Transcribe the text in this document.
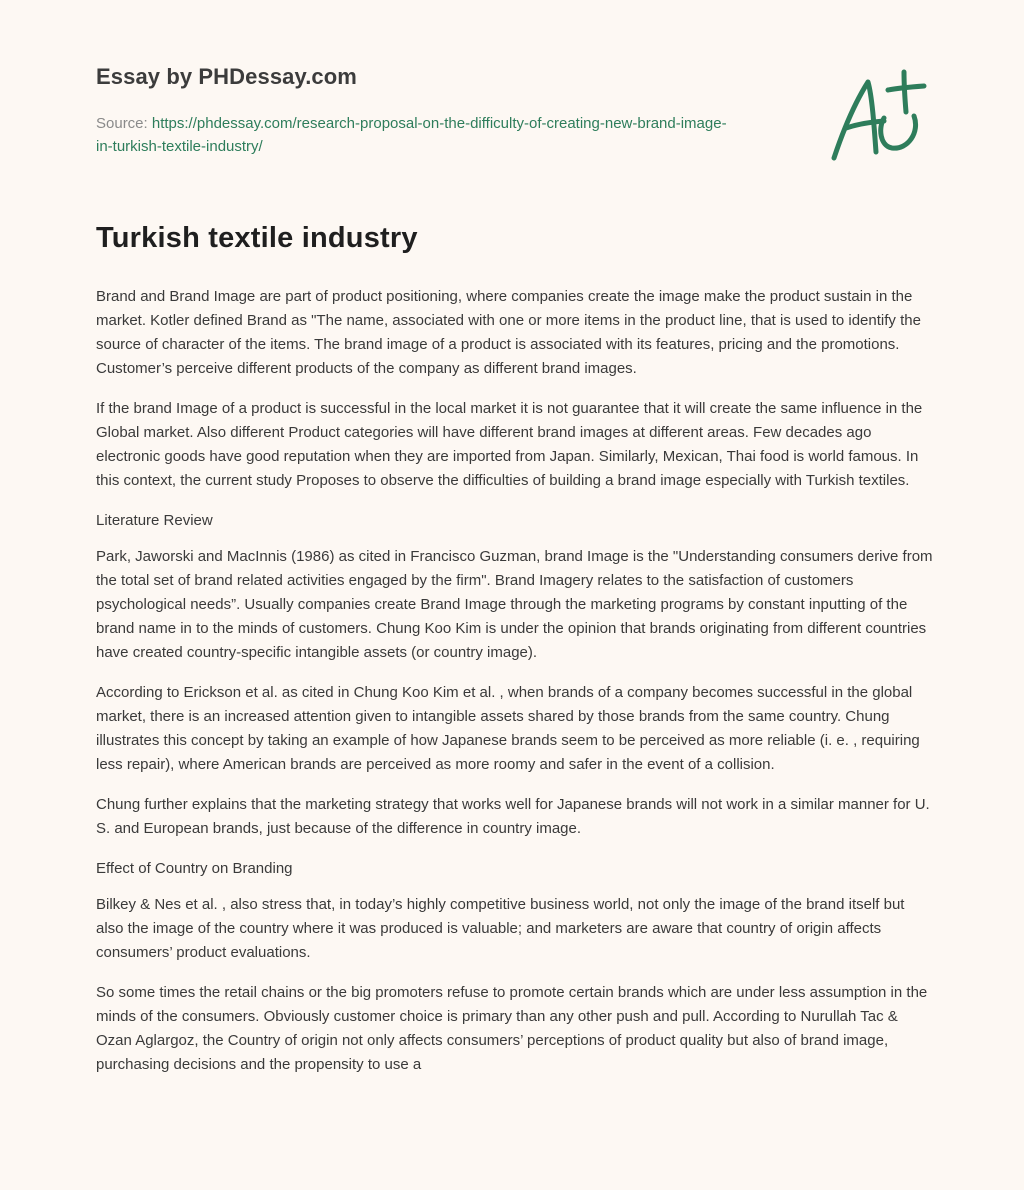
Essay by PHDessay.com
Source: https://phdessay.com/research-proposal-on-the-difficulty-of-creating-new-brand-image-in-turkish-textile-industry/
Turkish textile industry

Brand and Brand Image are part of product positioning, where companies create the image make the product sustain in the market. Kotler defined Brand as "The name, associated with one or more items in the product line, that is used to identify the source of character of the items. The brand image of a product is associated with its features, pricing and the promotions. Customer’s perceive different products of the company as different brand images.

If the brand Image of a product is successful in the local market it is not guarantee that it will create the same influence in the Global market. Also different Product categories will have different brand images at different areas. Few decades ago electronic goods have good reputation when they are imported from Japan. Similarly, Mexican, Thai food is world famous. In this context, the current study Proposes to observe the difficulties of building a brand image especially with Turkish textiles.

Literature Review

Park, Jaworski and MacInnis (1986) as cited in Francisco Guzman, brand Image is the "Understanding consumers derive from the total set of brand related activities engaged by the firm". Brand Imagery relates to the satisfaction of customers psychological needs”. Usually companies create Brand Image through the marketing programs by constant inputting of the brand name in to the minds of customers. Chung Koo Kim is under the opinion that brands originating from different countries have created country-specific intangible assets (or country image).

According to Erickson et al. as cited in Chung Koo Kim et al. , when brands of a company becomes successful in the global market, there is an increased attention given to intangible assets shared by those brands from the same country. Chung illustrates this concept by taking an example of how Japanese brands seem to be perceived as more reliable (i. e. , requiring less repair), where American brands are perceived as more roomy and safer in the event of a collision.

Chung further explains that the marketing strategy that works well for Japanese brands will not work in a similar manner for U. S. and European brands, just because of the difference in country image.

Effect of Country on Branding

Bilkey & Nes et al. , also stress that, in today’s highly competitive business world, not only the image of the brand itself but also the image of the country where it was produced is valuable; and marketers are aware that country of origin affects consumers’ product evaluations.

So some times the retail chains or the big promoters refuse to promote certain brands which are under less assumption in the minds of the consumers. Obviously customer choice is primary than any other push and pull. According to Nurullah Tac & Ozan Aglargoz, the Country of origin not only affects consumers’ perceptions of product quality but also of brand image, purchasing decisions and the propensity to use a
